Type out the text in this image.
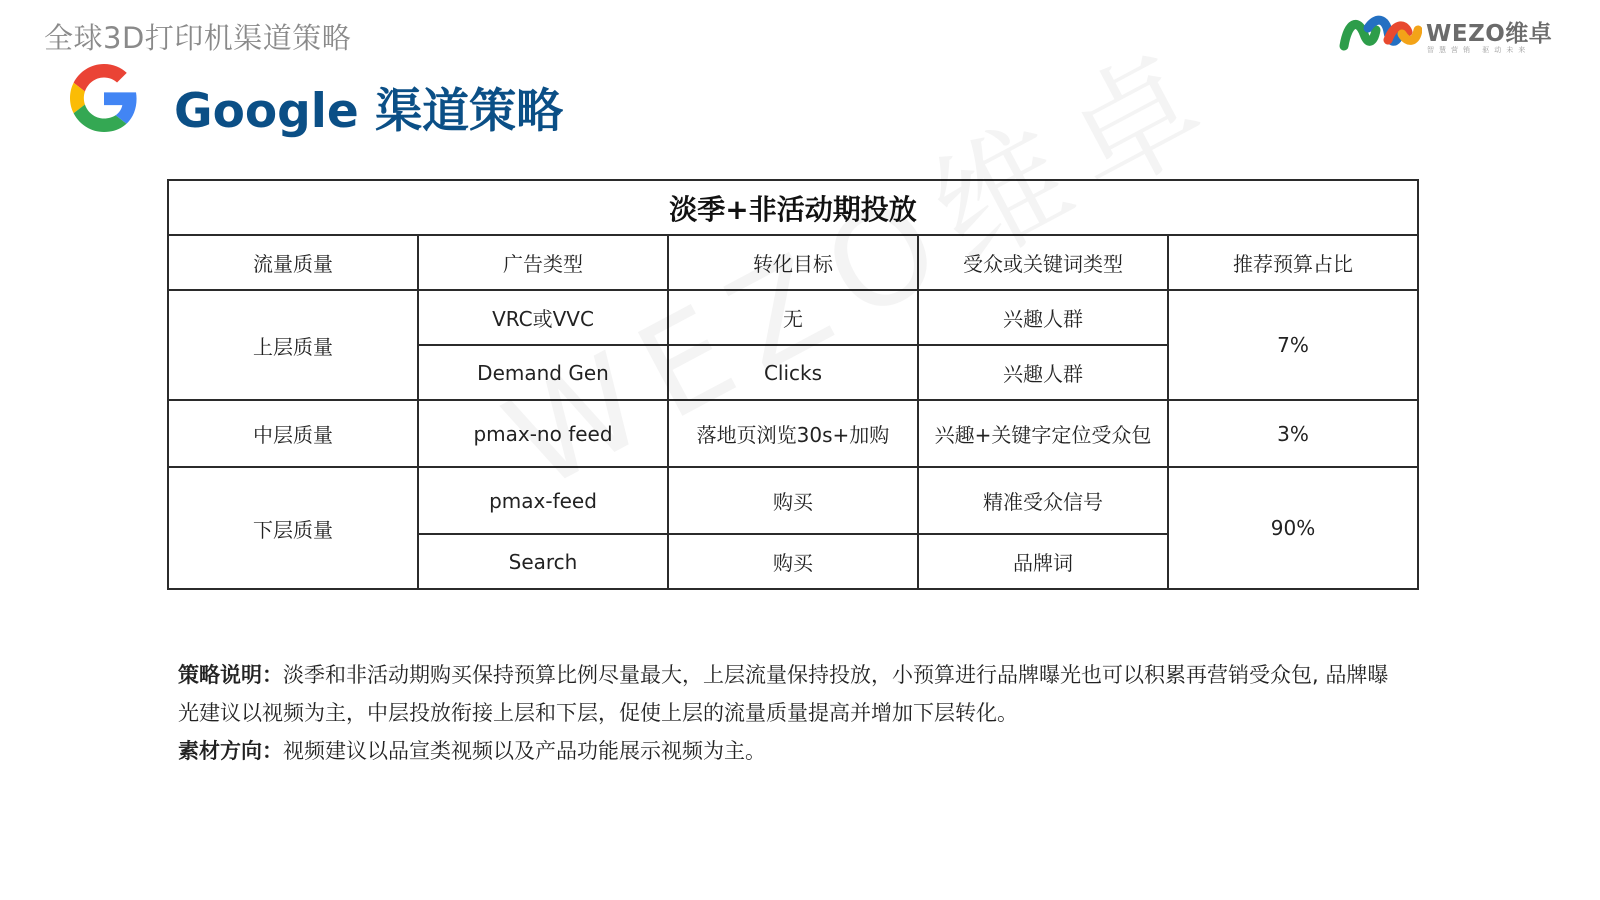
全球3D打印机渠道策略	WEZO维卓
智慧营销 驱动未来
Google 渠道策略
淡季+非活动期投放				
流量质量	广告类型	转化目标	受众或关键词类型	推荐预算占比
上层质量	VRC或VVC	无	兴趣人群	7%
	Demand Gen	Clicks	兴趣人群	
中层质量	pmax-no feed	落地页浏览30s+加购	兴趣+关键字定位受众包	3%
下层质量	pmax-feed	购买	精准受众信号	90%
	Search	购买	品牌词	

策略说明：淡季和非活动期购买保持预算比例尽量最大，上层流量保持投放，小预算进行品牌曝光也可以积累再营销受众包, 品牌曝光建议以视频为主，中层投放衔接上层和下层，促使上层的流量质量提高并增加下层转化。

素材方向：视频建议以品宣类视频以及产品功能展示视频为主。
